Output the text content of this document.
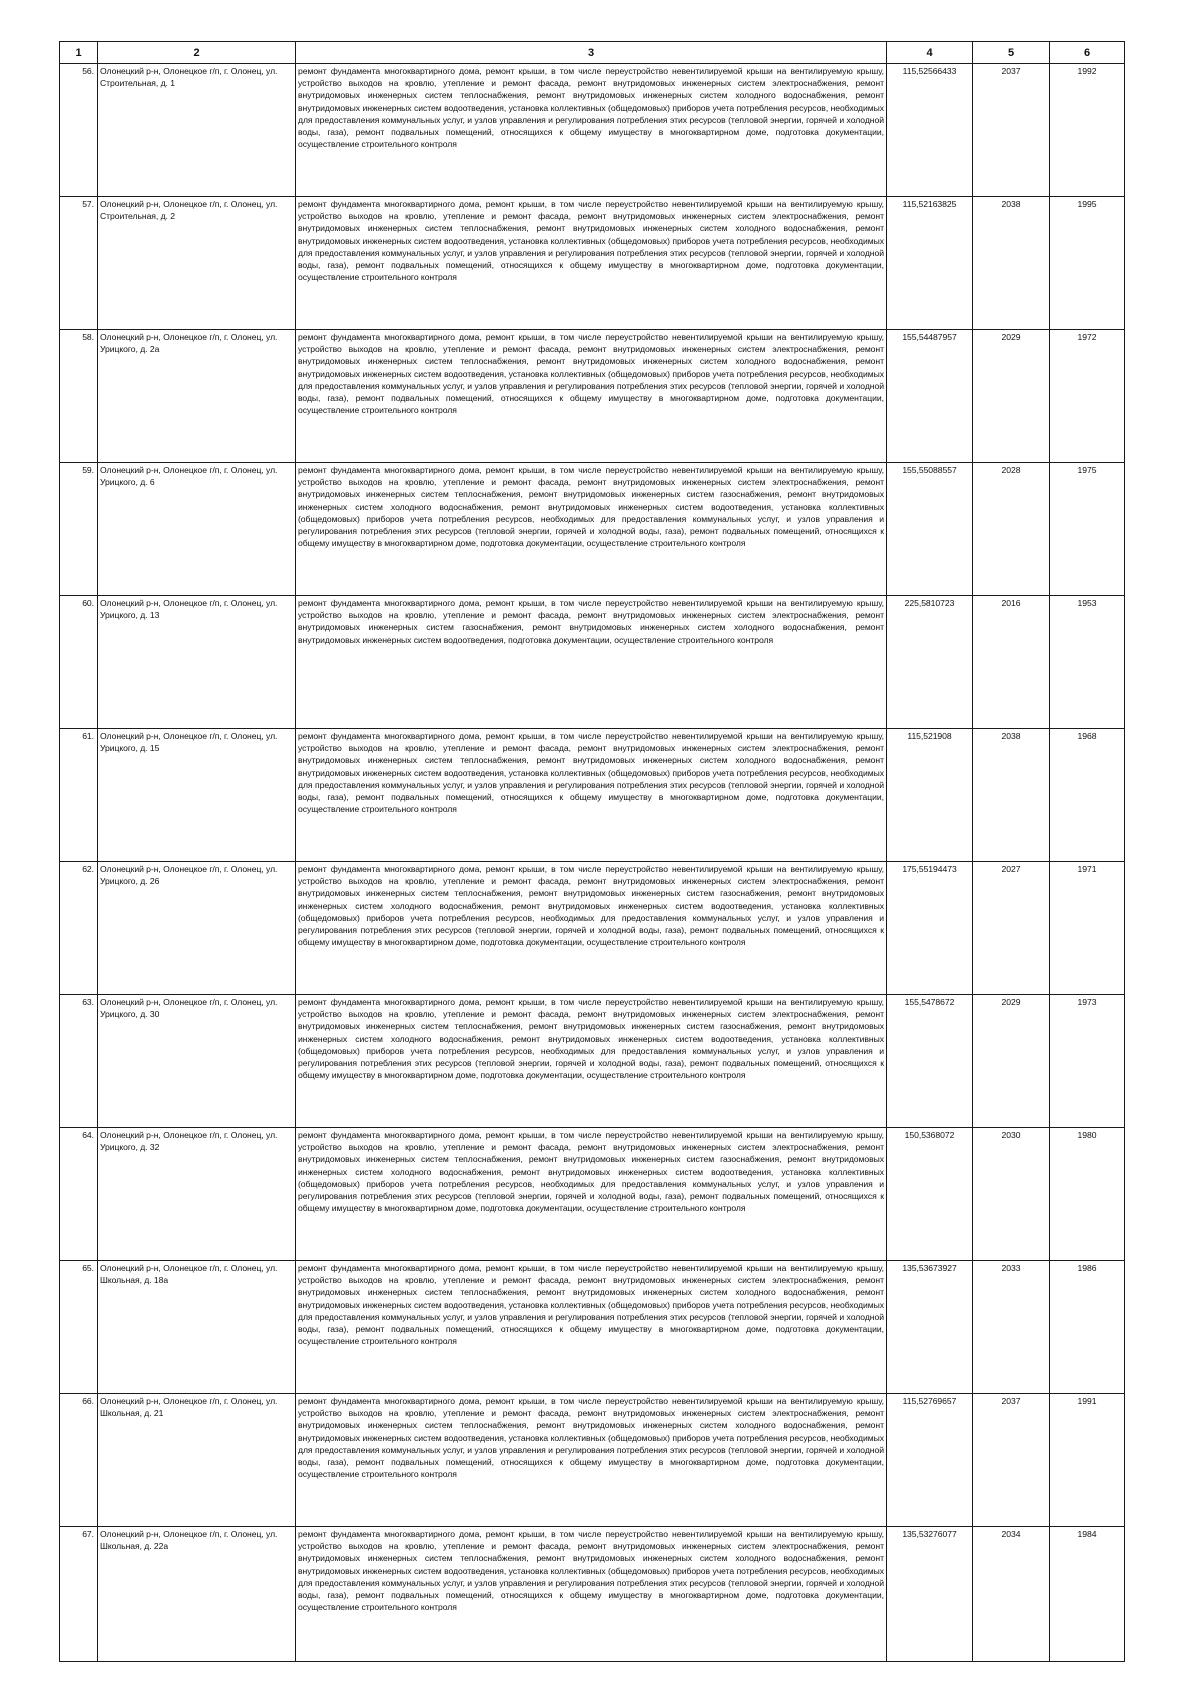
1	2	3	4	5	6
56.	Олонецкий р-н, Олонецкое г/п, г. Олонец, ул. Строительная, д. 1	ремонт фундамента многоквартирного дома, ремонт крыши, в том числе переустройство невентилируемой крыши на вентилируемую крышу, устройство выходов на кровлю, утепление и ремонт фасада, ремонт внутридомовых инженерных систем электроснабжения, ремонт внутридомовых инженерных систем теплоснабжения, ремонт внутридомовых инженерных систем холодного водоснабжения, ремонт внутридомовых инженерных систем водоотведения, установка коллективных (общедомовых) приборов учета потребления ресурсов, необходимых для предоставления коммунальных услуг, и узлов управления и регулирования потребления этих ресурсов (тепловой энергии, горячей и холодной воды, газа), ремонт подвальных помещений, относящихся к общему имуществу в многоквартирном доме, подготовка документации, осуществление строительного контроля	115,52566433	2037	1992
57.	Олонецкий р-н, Олонецкое г/п, г. Олонец, ул. Строительная, д. 2	ремонт фундамента многоквартирного дома, ремонт крыши, в том числе переустройство невентилируемой крыши на вентилируемую крышу, устройство выходов на кровлю, утепление и ремонт фасада, ремонт внутридомовых инженерных систем электроснабжения, ремонт внутридомовых инженерных систем теплоснабжения, ремонт внутридомовых инженерных систем холодного водоснабжения, ремонт внутридомовых инженерных систем водоотведения, установка коллективных (общедомовых) приборов учета потребления ресурсов, необходимых для предоставления коммунальных услуг, и узлов управления и регулирования потребления этих ресурсов (тепловой энергии, горячей и холодной воды, газа), ремонт подвальных помещений, относящихся к общему имуществу в многоквартирном доме, подготовка документации, осуществление строительного контроля	115,52163825	2038	1995
58.	Олонецкий р-н, Олонецкое г/п, г. Олонец, ул. Урицкого, д. 2а	ремонт фундамента многоквартирного дома, ремонт крыши, в том числе переустройство невентилируемой крыши на вентилируемую крышу, устройство выходов на кровлю, утепление и ремонт фасада, ремонт внутридомовых инженерных систем электроснабжения, ремонт внутридомовых инженерных систем теплоснабжения, ремонт внутридомовых инженерных систем холодного водоснабжения, ремонт внутридомовых инженерных систем водоотведения, установка коллективных (общедомовых) приборов учета потребления ресурсов, необходимых для предоставления коммунальных услуг, и узлов управления и регулирования потребления этих ресурсов (тепловой энергии, горячей и холодной воды, газа), ремонт подвальных помещений, относящихся к общему имуществу в многоквартирном доме, подготовка документации, осуществление строительного контроля	155,54487957	2029	1972
59.	Олонецкий р-н, Олонецкое г/п, г. Олонец, ул. Урицкого, д. 6	ремонт фундамента многоквартирного дома, ремонт крыши, в том числе переустройство невентилируемой крыши на вентилируемую крышу, устройство выходов на кровлю, утепление и ремонт фасада, ремонт внутридомовых инженерных систем электроснабжения, ремонт внутридомовых инженерных систем теплоснабжения, ремонт внутридомовых инженерных систем газоснабжения, ремонт внутридомовых инженерных систем холодного водоснабжения, ремонт внутридомовых инженерных систем водоотведения, установка коллективных (общедомовых) приборов учета потребления ресурсов, необходимых для предоставления коммунальных услуг, и узлов управления и регулирования потребления этих ресурсов (тепловой энергии, горячей и холодной воды, газа), ремонт подвальных помещений, относящихся к общему имуществу в многоквартирном доме, подготовка документации, осуществление строительного контроля	155,55088557	2028	1975
60.	Олонецкий р-н, Олонецкое г/п, г. Олонец, ул. Урицкого, д. 13	ремонт фундамента многоквартирного дома, ремонт крыши, в том числе переустройство невентилируемой крыши на вентилируемую крышу, устройство выходов на кровлю, утепление и ремонт фасада, ремонт внутридомовых инженерных систем электроснабжения, ремонт внутридомовых инженерных систем газоснабжения, ремонт внутридомовых инженерных систем холодного водоснабжения, ремонт внутридомовых инженерных систем водоотведения, подготовка документации, осуществление строительного контроля	225,5810723	2016	1953
61.	Олонецкий р-н, Олонецкое г/п, г. Олонец, ул. Урицкого, д. 15	ремонт фундамента многоквартирного дома, ремонт крыши, в том числе переустройство невентилируемой крыши на вентилируемую крышу, устройство выходов на кровлю, утепление и ремонт фасада, ремонт внутридомовых инженерных систем электроснабжения, ремонт внутридомовых инженерных систем теплоснабжения, ремонт внутридомовых инженерных систем холодного водоснабжения, ремонт внутридомовых инженерных систем водоотведения, установка коллективных (общедомовых) приборов учета потребления ресурсов, необходимых для предоставления коммунальных услуг, и узлов управления и регулирования потребления этих ресурсов (тепловой энергии, горячей и холодной воды, газа), ремонт подвальных помещений, относящихся к общему имуществу в многоквартирном доме, подготовка документации, осуществление строительного контроля	115,521908	2038	1968
62.	Олонецкий р-н, Олонецкое г/п, г. Олонец, ул. Урицкого, д. 26	ремонт фундамента многоквартирного дома, ремонт крыши, в том числе переустройство невентилируемой крыши на вентилируемую крышу, устройство выходов на кровлю, утепление и ремонт фасада, ремонт внутридомовых инженерных систем электроснабжения, ремонт внутридомовых инженерных систем теплоснабжения, ремонт внутридомовых инженерных систем газоснабжения, ремонт внутридомовых инженерных систем холодного водоснабжения, ремонт внутридомовых инженерных систем водоотведения, установка коллективных (общедомовых) приборов учета потребления ресурсов, необходимых для предоставления коммунальных услуг, и узлов управления и регулирования потребления этих ресурсов (тепловой энергии, горячей и холодной воды, газа), ремонт подвальных помещений, относящихся к общему имуществу в многоквартирном доме, подготовка документации, осуществление строительного контроля	175,55194473	2027	1971
63.	Олонецкий р-н, Олонецкое г/п, г. Олонец, ул. Урицкого, д. 30	ремонт фундамента многоквартирного дома, ремонт крыши, в том числе переустройство невентилируемой крыши на вентилируемую крышу, устройство выходов на кровлю, утепление и ремонт фасада, ремонт внутридомовых инженерных систем электроснабжения, ремонт внутридомовых инженерных систем теплоснабжения, ремонт внутридомовых инженерных систем газоснабжения, ремонт внутридомовых инженерных систем холодного водоснабжения, ремонт внутридомовых инженерных систем водоотведения, установка коллективных (общедомовых) приборов учета потребления ресурсов, необходимых для предоставления коммунальных услуг, и узлов управления и регулирования потребления этих ресурсов (тепловой энергии, горячей и холодной воды, газа), ремонт подвальных помещений, относящихся к общему имуществу в многоквартирном доме, подготовка документации, осуществление строительного контроля	155,5478672	2029	1973
64.	Олонецкий р-н, Олонецкое г/п, г. Олонец, ул. Урицкого, д. 32	ремонт фундамента многоквартирного дома, ремонт крыши, в том числе переустройство невентилируемой крыши на вентилируемую крышу, устройство выходов на кровлю, утепление и ремонт фасада, ремонт внутридомовых инженерных систем электроснабжения, ремонт внутридомовых инженерных систем теплоснабжения, ремонт внутридомовых инженерных систем газоснабжения, ремонт внутридомовых инженерных систем холодного водоснабжения, ремонт внутридомовых инженерных систем водоотведения, установка коллективных (общедомовых) приборов учета потребления ресурсов, необходимых для предоставления коммунальных услуг, и узлов управления и регулирования потребления этих ресурсов (тепловой энергии, горячей и холодной воды, газа), ремонт подвальных помещений, относящихся к общему имуществу в многоквартирном доме, подготовка документации, осуществление строительного контроля	150,5368072	2030	1980
65.	Олонецкий р-н, Олонецкое г/п, г. Олонец, ул. Школьная, д. 18а	ремонт фундамента многоквартирного дома, ремонт крыши, в том числе переустройство невентилируемой крыши на вентилируемую крышу, устройство выходов на кровлю, утепление и ремонт фасада, ремонт внутридомовых инженерных систем электроснабжения, ремонт внутридомовых инженерных систем теплоснабжения, ремонт внутридомовых инженерных систем холодного водоснабжения, ремонт внутридомовых инженерных систем водоотведения, установка коллективных (общедомовых) приборов учета потребления ресурсов, необходимых для предоставления коммунальных услуг, и узлов управления и регулирования потребления этих ресурсов (тепловой энергии, горячей и холодной воды, газа), ремонт подвальных помещений, относящихся к общему имуществу в многоквартирном доме, подготовка документации, осуществление строительного контроля	135,53673927	2033	1986
66.	Олонецкий р-н, Олонецкое г/п, г. Олонец, ул. Школьная, д. 21	ремонт фундамента многоквартирного дома, ремонт крыши, в том числе переустройство невентилируемой крыши на вентилируемую крышу, устройство выходов на кровлю, утепление и ремонт фасада, ремонт внутридомовых инженерных систем электроснабжения, ремонт внутридомовых инженерных систем теплоснабжения, ремонт внутридомовых инженерных систем холодного водоснабжения, ремонт внутридомовых инженерных систем водоотведения, установка коллективных (общедомовых) приборов учета потребления ресурсов, необходимых для предоставления коммунальных услуг, и узлов управления и регулирования потребления этих ресурсов (тепловой энергии, горячей и холодной воды, газа), ремонт подвальных помещений, относящихся к общему имуществу в многоквартирном доме, подготовка документации, осуществление строительного контроля	115,52769657	2037	1991
67.	Олонецкий р-н, Олонецкое г/п, г. Олонец, ул. Школьная, д. 22а	ремонт фундамента многоквартирного дома, ремонт крыши, в том числе переустройство невентилируемой крыши на вентилируемую крышу, устройство выходов на кровлю, утепление и ремонт фасада, ремонт внутридомовых инженерных систем электроснабжения, ремонт внутридомовых инженерных систем теплоснабжения, ремонт внутридомовых инженерных систем холодного водоснабжения, ремонт внутридомовых инженерных систем водоотведения, установка коллективных (общедомовых) приборов учета потребления ресурсов, необходимых для предоставления коммунальных услуг, и узлов управления и регулирования потребления этих ресурсов (тепловой энергии, горячей и холодной воды, газа), ремонт подвальных помещений, относящихся к общему имуществу в многоквартирном доме, подготовка документации, осуществление строительного контроля	135,53276077	2034	1984
